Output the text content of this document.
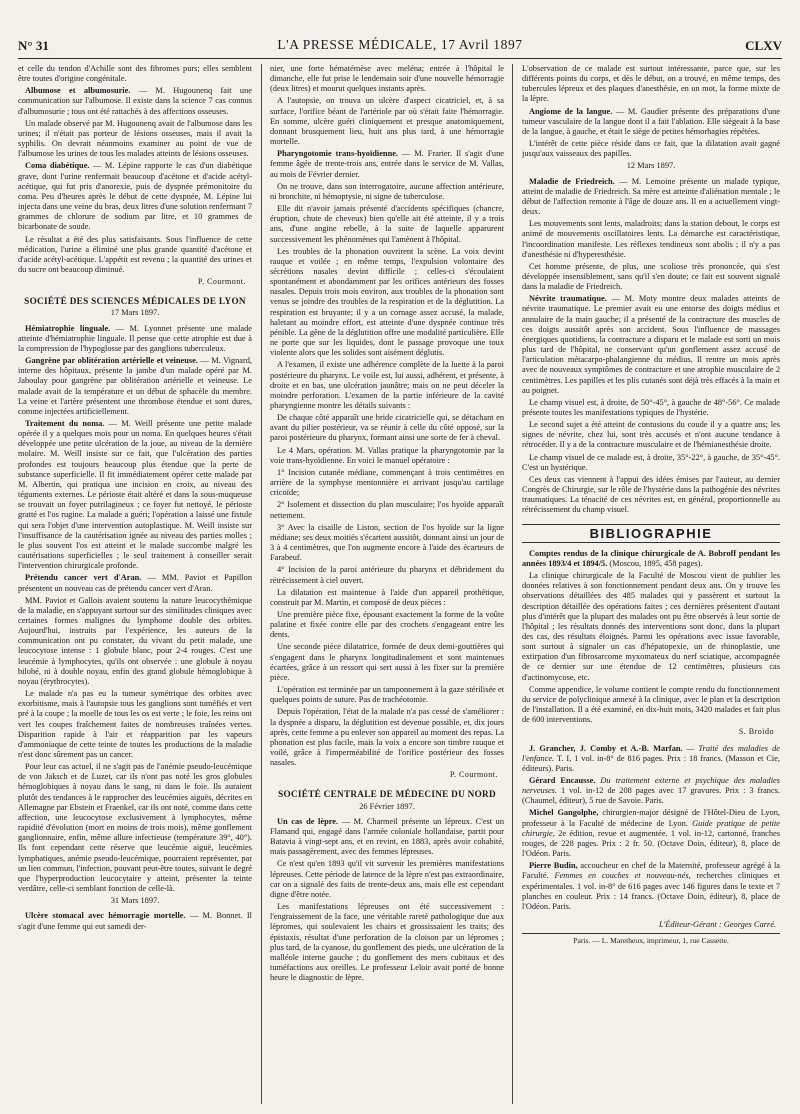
N° 31	L'A PRESSE MÉDICALE, 17 Avril 1897	CLXV

et celle du tendon d'Achille sont des fibromes purs; elles semblent être toutes d'origine congénitale.

Albumose et albumosurie. — M. Hugounenq fait une communication sur l'albumose. Il existe dans la science 7 cas connus d'albumosurie ; tous ont été rattachés à des affections osseuses.

Un malade observé par M. Hugounenq avait de l'albumose dans les urines; il n'était pas porteur de lésions osseuses, mais il avait la syphilis. On devrait néanmoins examiner au point de vue de l'albumose les urines de tous les malades atteints de lésions osseuses.

Coma diabétique. — M. Lépine rapporte le cas d'un diabétique grave, dont l'urine renfermait beaucoup d'acétone et d'acide acétyl-acétique, qui fut pris d'anorexie, puis de dyspnée prémonitoire du coma. Peu d'heures après le début de cette dyspnée, M. Lépine lui injecta dans une veine du bras, deux litres d'une solution renfermant 7 grammes de chlorure de sodium par litre, et 10 grammes de bicarbonate de soude.

Le résultat a été des plus satisfaisants. Sous l'influence de cette médication, l'urine a éliminé une plus grande quantité d'acétone et d'acide acétyl-acétique. L'appétit est revenu ; la quantité des urines et du sucre ont beaucoup diminué.

P. Courmont.
SOCIÉTÉ DES SCIENCES MÉDICALES DE LYON
17 Mars 1897.

Hémiatrophie linguale. — M. Lyonnet présente une malade atteinte d'hémiatrophie linguale. Il pense que cette atrophie est due à la compression de l'hypoglosse par des ganglions tuberculeux.

Gangrène par oblitération artérielle et veineuse. — M. Vignard, interne des hôpitaux, présente la jambe d'un malade opéré par M. Jaboulay pour gangrène par oblitération artérielle et veineuse. Le malade avait de la température et un début de sphacèle du membre. La veine et l'artère présentent une thrombose étendue et sont dures, comme injectées artificiellement.

Traitement du noma. — M. Weill présente une petite malade opérée il y a quelques mois pour un noma. En quelques heures s'était développée une petite ulcération de la joue, au niveau de la dernière molaire. M. Weill insiste sur ce fait, que l'ulcération des parties profondes est toujours beaucoup plus étendue que la perte de substance superficielle. Il fit immédiatement opérer cette malade par M. Albertin, qui pratiqua une incision en croix, au niveau des téguments externes. Le périoste était altéré et dans la sous-muqueuse se trouvait un foyer putrilagineux ; ce foyer fut nettoyé, le périoste gratté et l'os rugine. La malade a guéri; l'opération a laissé une fistule qui sera l'objet d'une intervention autoplastique. M. Weill insiste sur l'insuffisance de la cautérisation ignée au niveau des parties molles ; le plus souvent l'os est atteint et le malade succombe malgré les cautérisations superficielles ; le seul traitement à conseiller serait l'intervention chirurgicale profonde.

Prétendu cancer vert d'Aran. — MM. Paviot et Papillon présentent un nouveau cas de prétendu cancer vert d'Aran.

MM. Paviot et Gallois avaient soutenu la nature leucocythémique de la maladie, en s'appuyant surtout sur des similitudes cliniques avec certaines formes malignes du lymphome double des orbites. Aujourd'hui, instruits par l'expérience, les auteurs de la communication ont pu constater, du vivant du petit malade, une leucocytose intense : 1 globule blanc, pour 2-4 rouges. C'est une leucémie à lymphocytes, qu'ils ont observée : une globule à noyau bilobé, ni à double noyau, enfin des grand globule hémoglobique à noyau (érythrocytes).

Le malade n'a pas eu la tumeur symétrique des orbites avec exorbitisme, mais à l'autopsie tous les ganglions sont tuméfiés et vert pré à la coupe ; la moelle de tous les os est verte ; le foie, les reins ont vert les coupes fraîchement faites de nombreuses traînées vertes. Disparition rapide à l'air et réapparition par les vapeurs d'ammoniaque de cette teinte de toutes les productions de la maladie n'est donc sûrement pas un cancer.

Pour leur cas actuel, il ne s'agit pas de l'anémie pseudo-leucémique de von Jaksch et de Luzet, car ils n'ont pas noté les gros globules hémoglobiques à noyau dans le sang, ni dans le foie. Ils auraient plutôt des tendances à le rapprocher des leucémies aiguës, décrites en Allemagne par Ebstein et Fraenkel, car ils ont noté, comme dans cette affection, une leucocytose exclusivement à lymphocytes, même rapidité d'évolution (mort en moins de trois mois), même gonflement ganglionnaire, enfin, même allure infectieuse (température 39°, 40°). Ils font cependant cette réserve que leucémie aiguë, leucémies lymphatiques, anémie pseudo-leucémique, pourraient représenter, par un lien commun, l'infection, pouvant peut-être toutes, suivant le degré que l'hyperproduction leucocytaire y atteint, présenter la teinte verdâtre, celle-ci semblant fonction de celle-là.

31 Mars 1897.

Ulcère stomacal avec hémorragie mortelle. — M. Bonnet. Il s'agit d'une femme qui eut samedi der-

nier, une forte hématémèse avec meléna; entrée à l'hôpital le dimanche, elle fut prise le lendemain soir d'une nouvelle hémorragie (deux litres) et mourut quelques instants après.

A l'autopsie, on trouva un ulcère d'aspect cicatriciel, et, à sa surface, l'orifice béant de l'artériole par où s'était faite l'hémorragie. En somme, ulcère guéri cliniquement et presque anatomiquement, donnant brusquement lieu, huit ans plus tard, à une hémorragie mortelle.

Pharyngotomie trans-hyoïdienne. — M. Frarier. Il s'agit d'une femme âgée de trente-trois ans, entrée dans le service de M. Vallas, au mois de Février dernier.

On ne trouve, dans son interrogatoire, aucune affection antérieure, ni bronchite, ni hémoptysie, ni signe de tuberculose.

Elle dit n'avoir jamais présenté d'accidents spécifiques (chancre, éruption, chute de cheveux) bien qu'elle ait été atteinte, il y a trois ans, d'une angine rebelle, à la suite de laquelle apparurent successivement les phénomènes qui l'amènent à l'hôpital.

Les troubles de la phonation ouvrirent la scène. La voix devint rauque et voilée ; en même temps, l'expulsion volontaire des sécrétions nasales devint difficile ; celles-ci s'écoulaient spontanément et abondamment par les orifices antérieurs des fosses nasales. Depuis trois mois environ, aux troubles de la phonation sont venus se joindre des troubles de la respiration et de la déglutition. La respiration est bruyante; il y a un cornage assez accusé, la malade, haletant au moindre effort, est atteinte d'une dyspnée continue très pénible. La gêne de la déglutition offre une modalité particulière. Elle ne porte que sur les liquides, dont le passage provoque une toux violente alors que les solides sont aisément déglutis.

A l'examen, il existe une adhérence complète de la luette à la paroi postérieure du pharynx. Le voile est, lui aussi, adhérent, et présente, à droite et en bas, une ulcération jaunâtre; mais on ne peut déceler la moindre perforation. L'examen de la partie inférieure de la cavité pharyngienne montre les détails suivants :

De chaque côté apparaît une bride cicatricielle qui, se détachant en avant du pilier postérieur, va se réunir à celle du côté opposé, sur la paroi postérieure du pharynx, formant ainsi une sorte de fer à cheval.

Le 4 Mars, opération. M. Vallas pratique la pharyngotomie par la voie trans-hyoïdienne. En voici le manuel opératoire :

1° Incision cutanée médiane, commençant à trois centimètres en arrière de la symphyse mentonnière et arrivant jusqu'au cartilage cricoïde;

2° Isolement et dissection du plan musculaire; l'os hyoïde apparaît nettement.

3° Avec la cisaille de Liston, section de l'os hyoïde sur la ligne médiane; ses deux moitiés s'écartent aussitôt, donnant ainsi un jour de 3 à 4 centimètres, que l'on augmente encore à l'aide des écarteurs de Farabeuf.

4° Incision de la paroi antérieure du pharynx et débridement du rétrécissement à ciel ouvert.

La dilatation est maintenue à l'aide d'un appareil prothétique, construit par M. Martin, et composé de deux pièces :

Une première pièce fixe, épousant exactement la forme de la voûte palatine et fixée contre elle par des crochets s'engageant entre les dents.

Une seconde pièce dilatatrice, formée de deux demi-gouttières qui s'engagent dans le pharynx longitudinalement et sont maintenues écartées, grâce à un ressort qui sert aussi à les fixer sur la première pièce.

L'opération est terminée par un tamponnement à la gaze stérilisée et quelques points de suture. Pas de trachéotomie.

Depuis l'opération, l'état de la malade n'a pas cessé de s'améliorer : la dyspnée a disparu, la déglutition est devenue possible, et, dix jours après, cette femme a pu enlever son appareil au moment des repas. La phonation est plus facile, mais la voix a encore son timbre rauque et voilé, grâce à l'imperméabilité de l'orifice postérieur des fosses nasales.

P. Courmont.
SOCIÉTÉ CENTRALE DE MÉDECINE DU NORD
26 Février 1897.

Un cas de lèpre. — M. Charmeil présente un lépreux. C'est un Flamand qui, engagé dans l'armée coloniale hollandaise, partit pour Batavia à vingt-sept ans, et en revint, en 1883, après avoir cohabité, mais passagèrement, avec des femmes lépreuses.

Ce n'est qu'en 1893 qu'il vit survenir les premières manifestations lépreuses. Cette période de latence de la lèpre n'est pas extraordinaire, car on a signalé des faits de trente-deux ans, mais elle est cependant digne d'être notée.

Les manifestations lépreuses ont été successivement : l'engraissement de la face, une véritable rareté pathologique due aux lépromes, qui soulevaient les chairs et grossissaient les traits; des épistaxis, résultat d'une perforation de la cloison par un lépromes ; plus tard, de la cyanose, du gonflement des pieds, une ulcération de la malléole interne gauche ; du gonflement des mers cubitaux et des tuméfactions aux oreilles. Le professeur Leloir avait porté de bonne heure le diagnostic de lèpre.

L'observation de ce malade est surtout intéressante, parce que, sur les différents points du corps, et dès le début, on a trouvé, en même temps, des tubercules lépreux et des plaques d'anesthésie, en un mot, la forme mixte de la lèpre.

Angiome de la langue. — M. Gaudier présente des préparations d'une tumeur vasculaire de la langue dont il a fait l'ablation. Elle siégeait à la base de la langue, à gauche, et était le siège de petites hémorhagies répétées.

L'intérêt de cette pièce réside dans ce fait, que la dilatation avait gagné jusqu'aux vaisseaux des papilles.

12 Mars 1897.

Maladie de Friedreich. — M. Lemoine présente un malade typique, atteint de maladie de Friedreich. Sa mère est atteinte d'aliénation mentale ; le début de l'affection remonte à l'âge de douze ans. Il en a actuellement vingt-deux.

Les mouvements sont lents, maladroits; dans la station debout, le corps est animé de mouvements oscillatoires lents. La démarche est caractéristique, l'incoordination manifeste. Les réflexes tendineux sont abolis ; il n'y a pas d'anesthésie ni d'hyperesthésie.

Cet homme présente, de plus, une scoliose très prononcée, qui s'est développée insensiblement, sans qu'il s'en doute; ce fait est souvent signalé dans la maladie de Friedreich.

Névrite traumatique. — M. Moty montre deux malades atteints de névrite traumatique. Le premier avait eu une entorse des doigts médius et annulaire de la main gauche; il a présenté de la contracture des muscles de ces doigts aussitôt après son accident. Sous l'influence de massages énergiques quotidiens, la contracture a disparu et le malade est sorti un mois plus tard de l'hôpital, ne conservant qu'un gonflement assez accusé de l'articulation métacarpo-phalangienne du médius. Il rentre un mois après avec de nouveaux symptômes de contracture et une atrophie musculaire de 2 centimètres. Les papilles et les plis cutanés sont déjà très effacés à la main et au poignet.

Le champ visuel est, à droite, de 50°-45°, à gauche de 48°-56°. Ce malade présente toutes les manifestations typiques de l'hystérie.

Le second sujet a été atteint de contusions du coude il y a quatre ans; les signes de névrite, chez lui, sont très accusés et n'ont aucune tendance à rétrocéder. Il y a de la contracture musculaire et de l'hémianesthésie droite.

Le champ visuel de ce malade est, à droite, 35°-22°, à gauche, de 35°-45°. C'est un hystérique.

Ces deux cas viennent à l'appui des idées émises par l'auteur, au dernier Congrès de Chirurgie, sur le rôle de l'hystérie dans la pathogénie des névrites traumatiques. La ténacité de ces névrites est, en général, proportionnelle au rétrécissement du champ visuel.

BIBLIOGRAPHIE

Comptes rendus de la clinique chirurgicale de A. Bobroff pendant les années 1893/4 et 1894/5. (Moscou, 1895, 458 pages).

La clinique chirurgicale de la Faculté de Moscou vient de publier les données relatives à son fonctionnement pendant deux ans. On y trouve les observations détaillées des 485 malades qui y passèrent et surtout la description détaillée des opérations faites ; ces dernières présentent d'autant plus d'intérêt que la plupart des malades ont pu être observés à leur sortie de l'hôpital ; les résultats donnés des interventions sont donc, dans la plupart des cas, des résultats éloignés. Parmi les opérations avec issue favorable, sont surtout à signaler un cas d'hépatopexie, un de rhinoplastie, une extirpation d'un fibrosarcome myxomateux du nerf sciatique, accompagnée de ce dernier sur une étendue de 12 centimètres, plusieurs cas d'actinomycose, etc.

Comme appendice, le volume contient le compte rendu du fonctionnement du service de polyclinique annexé à la clinique, avec le plan et la description de l'installation. Il a été examiné, en dix-huit mois, 3420 malades et fait plus de 600 interventions.

S. Broïdo

J. Grancher, J. Comby et A.-B. Marfan. — Traité des maladies de l'enfance. T. I, 1 vol. in-8° de 816 pages. Prix : 18 francs. (Masson et Cie, éditeurs). Paris.

Gérard Encausse. Du traitement externe et psychique des maladies nerveuses. 1 vol. in-12 de 208 pages avec 17 gravures. Prix : 3 francs. (Chaumel, éditeur), 5 rue de Savoie. Paris.

Michel Gangolphe, chirurgien-major désigné de l'Hôtel-Dieu de Lyon, professeur à la Faculté de médecine de Lyon. Guide pratique de petite chirurgie, 2e édition, revue et augmentée. 1 vol. in-12, cartonné, franches rouges, de 228 pages. Prix : 2 fr. 50. (Octave Doin, éditeur), 8, place de l'Odéon. Paris.

Pierre Budin, accoucheur en chef de la Maternité, professeur agrégé à la Faculté. Femmes en couches et nouveau-nés, recherches cliniques et expérimentales. 1 vol. in-8° de 616 pages avec 146 figures dans le texte et 7 planches en couleur. Prix : 14 francs. (Octave Doin, éditeur), 8, place de l'Odéon. Paris.

L'Éditeur-Gérant : Georges Carré.
Paris. — L. Maretheux, imprimeur, 1, rue Cassette.
